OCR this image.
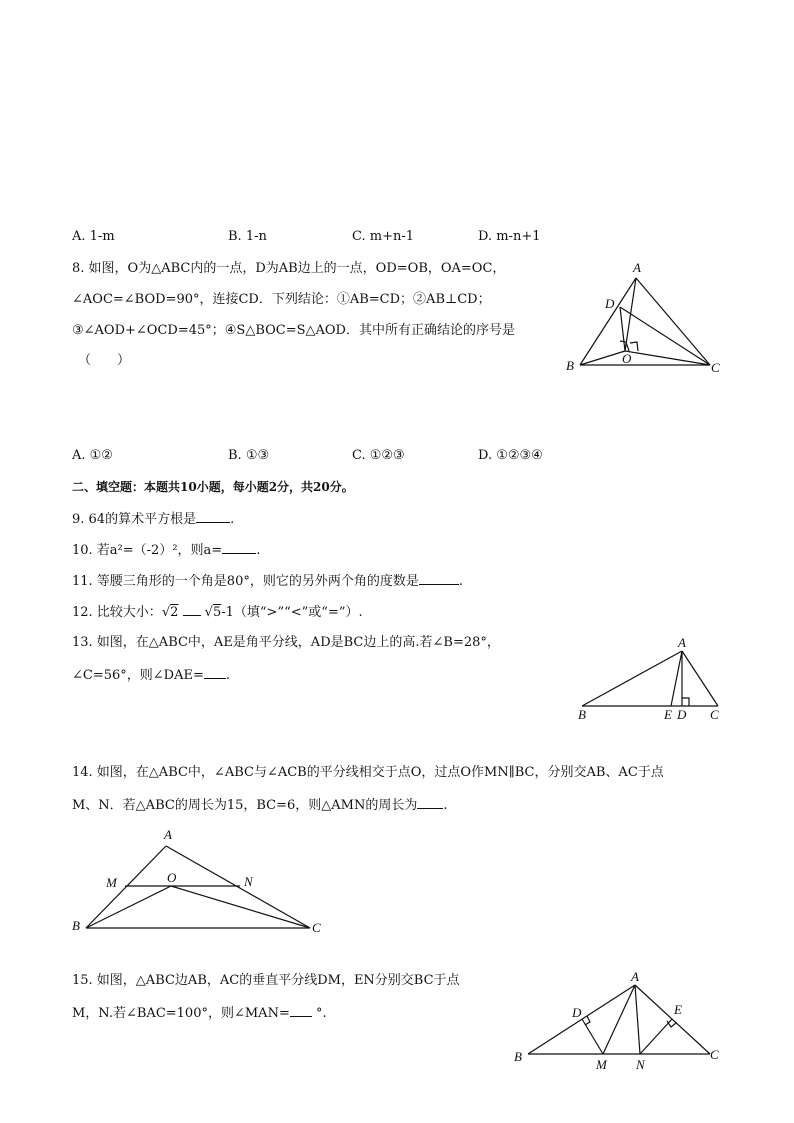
A. 1-m	B. 1-n	C. m+n-1	D. m-n+1
8. 如图，O为△ABC内的一点，D为AB边上的一点，OD=OB，OA=OC，
∠AOC=∠BOD=90°，连接CD．下列结论：①AB=CD；②AB⊥CD；
③∠AOD+∠OCD=45°；④S△BOC=S△AOD．其中所有正确结论的序号是
（　　）
A
D
B	O
C
A. ①②	B. ①③	C. ①②③	D. ①②③④
二、填空题：本题共10小题，每小题2分，共20分。
9. 64的算术平方根是	.
10. 若a²=（-2）²，则a=	.
11. 等腰三角形的一个角是80°，则它的另外两个角的度数是	.
12. 比较大小：√2 √5-1（填“>”“<”或“=”）.
13. 如图，在△ABC中，AE是角平分线，AD是BC边上的高.若∠B=28°，
∠C=56°，则∠DAE= .
A
B	E D C
14. 如图，在△ABC中，∠ABC与∠ACB的平分线相交于点O，过点O作MN∥BC，分别交AB、AC于点
M、N．若△ABC的周长为15，BC=6，则△AMN的周长为 .
A
M	O	N
B	C
15. 如图，△ABC边AB，AC的垂直平分线DM，EN分别交BC于点
M，N.若∠BAC=100°，则∠MAN= °.
A
D	E
B
M N
C
